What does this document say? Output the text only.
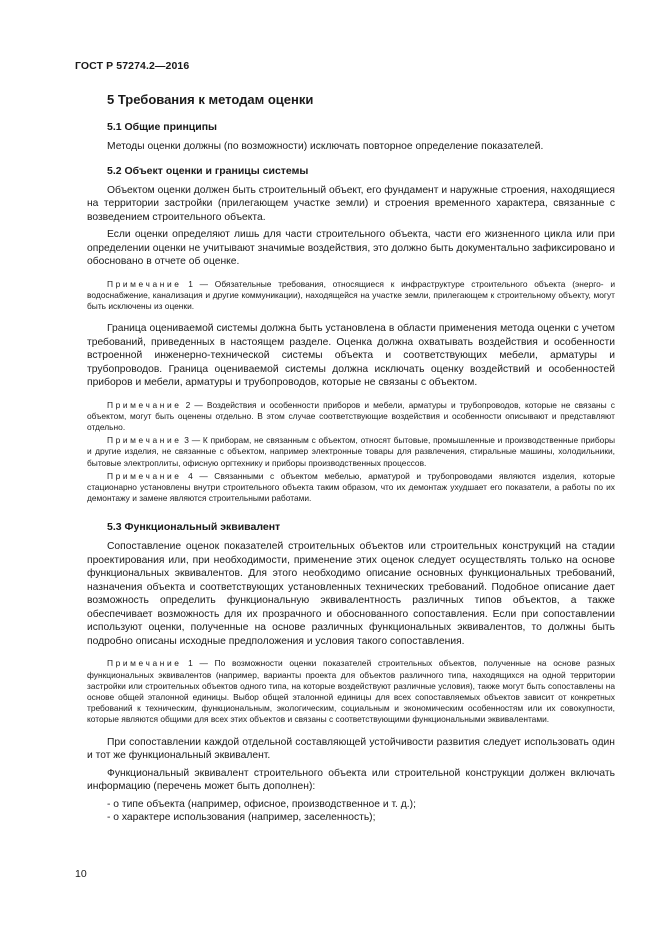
ГОСТ Р 57274.2—2016
5 Требования к методам оценки
5.1 Общие принципы

Методы оценки должны (по возможности) исключать повторное определение показателей.

5.2 Объект оценки и границы системы

Объектом оценки должен быть строительный объект, его фундамент и наружные строения, находящиеся на территории застройки (прилегающем участке земли) и строения временного характера, связанные с возведением строительного объекта.

Если оценки определяют лишь для части строительного объекта, части его жизненного цикла или при определении оценки не учитывают значимые воздействия, это должно быть документально зафиксировано и обосновано в отчете об оценке.

Примечание 1 — Обязательные требования, относящиеся к инфраструктуре строительного объекта (энерго- и водоснабжение, канализация и другие коммуникации), находящейся на участке земли, прилегающем к строительному объекту, могут быть исключены из оценки.

Граница оцениваемой системы должна быть установлена в области применения метода оценки с учетом требований, приведенных в настоящем разделе. Оценка должна охватывать воздействия и особенности встроенной инженерно-технической системы объекта и соответствующих мебели, арматуры и трубопроводов. Граница оцениваемой системы должна исключать оценку воздействий и особенностей приборов и мебели, арматуры и трубопроводов, которые не связаны с объектом.

Примечание 2 — Воздействия и особенности приборов и мебели, арматуры и трубопроводов, которые не связаны с объектом, могут быть оценены отдельно. В этом случае соответствующие воздействия и особенности описывают и представляют отдельно.

Примечание 3 — К приборам, не связанным с объектом, относят бытовые, промышленные и производственные приборы и другие изделия, не связанные с объектом, например электронные товары для развлечения, стиральные машины, холодильники, бытовые электроплиты, офисную оргтехнику и приборы производственных процессов.

Примечание 4 — Связанными с объектом мебелью, арматурой и трубопроводами являются изделия, которые стационарно установлены внутри строительного объекта таким образом, что их демонтаж ухудшает его показатели, а работы по их демонтажу и замене являются строительными работами.

5.3 Функциональный эквивалент

Сопоставление оценок показателей строительных объектов или строительных конструкций на стадии проектирования или, при необходимости, применение этих оценок следует осуществлять только на основе функциональных эквивалентов. Для этого необходимо описание основных функциональных требований, назначения объекта и соответствующих установленных технических требований. Подобное описание дает возможность определить функциональную эквивалентность различных типов объектов, а также обеспечивает возможность для их прозрачного и обоснованного сопоставления. Если при сопоставлении используют оценки, полученные на основе различных функциональных эквивалентов, то должны быть подробно описаны исходные предположения и условия такого сопоставления.

Примечание 1 — По возможности оценки показателей строительных объектов, полученные на основе разных функциональных эквивалентов (например, варианты проекта для объектов различного типа, находящихся на одной территории застройки или строительных объектов одного типа, на которые воздействуют различные условия), также могут быть сопоставлены на основе общей эталонной единицы. Выбор общей эталонной единицы для всех сопоставляемых объектов зависит от конкретных требований к техническим, функциональным, экологическим, социальным и экономическим особенностям или их совокупности, которые являются общими для всех этих объектов и связаны с соответствующими функциональными эквивалентами.

При сопоставлении каждой отдельной составляющей устойчивости развития следует использовать один и тот же функциональный эквивалент.

Функциональный эквивалент строительного объекта или строительной конструкции должен включать информацию (перечень может быть дополнен):

- о типе объекта (например, офисное, производственное и т. д.);

- о характере использования (например, заселенность);

10
